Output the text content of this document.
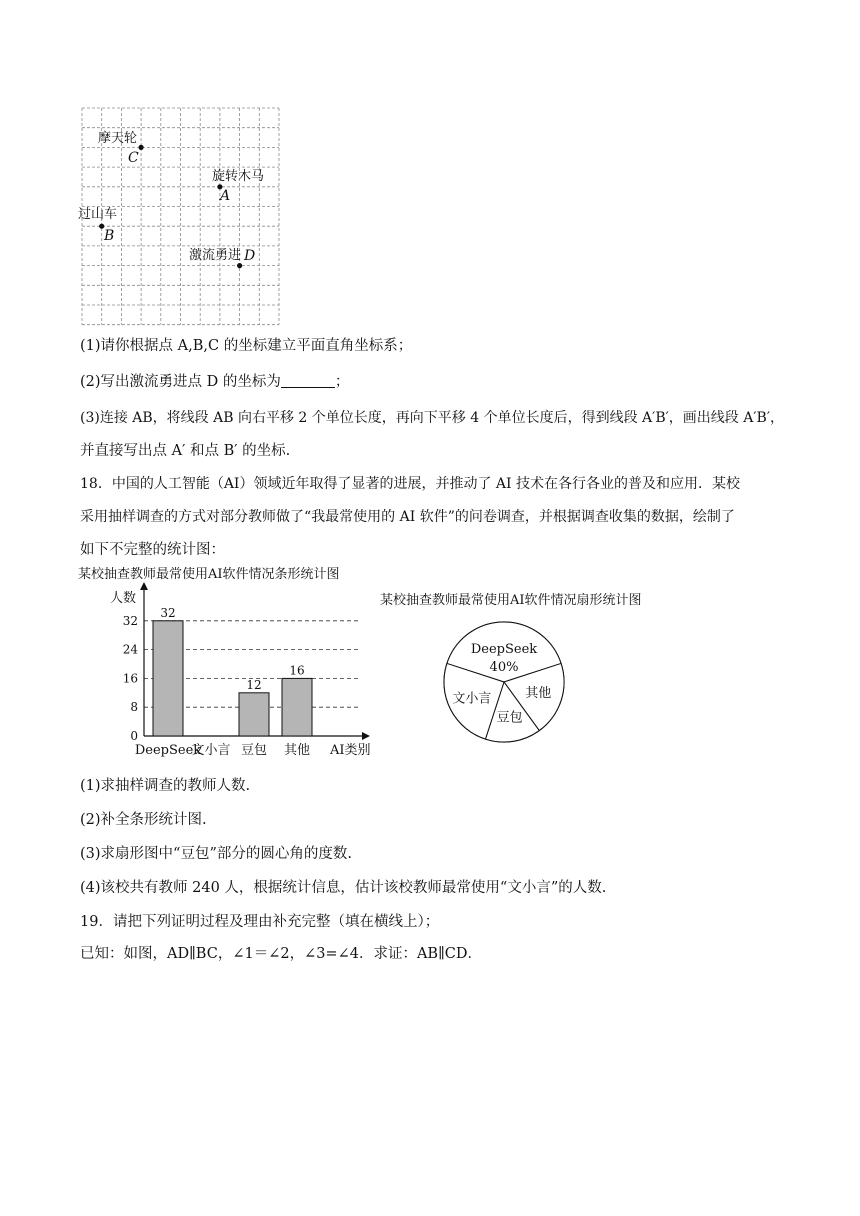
摩天轮
C
旋转木马
A
过山车
B
激流勇进 D
(1)请你根据点 A,B,C 的坐标建立平面直角坐标系；
(2)写出激流勇进点 D 的坐标为	；
(3)连接 AB，将线段 AB 向右平移 2 个单位长度，再向下平移 4 个单位长度后，得到线段 A′B′，画出线段 A′B′，
并直接写出点 A′ 和点 B′ 的坐标.
18．中国的人工智能（AI）领域近年取得了显著的进展，并推动了 AI 技术在各行各业的普及和应用．某校
采用抽样调查的方式对部分教师做了“我最常使用的 AI 软件”的问卷调查，并根据调查收集的数据，绘制了
如下不完整的统计图：
某校抽查教师最常使用AI软件情况条形统计图
人数
0
8
16
24
32
AI类别
32
DeepSeek
文小言
12
豆包
16
其他
某校抽查教师最常使用AI软件情况扇形统计图
DeepSeek
40%
其他
豆包
文小言
(1)求抽样调查的教师人数.
(2)补全条形统计图.
(3)求扇形图中“豆包”部分的圆心角的度数.
(4)该校共有教师 240 人，根据统计信息，估计该校教师最常使用“文小言”的人数.
19．请把下列证明过程及理由补充完整（填在横线上）；
已知：如图，AD∥BC，∠1＝∠2，∠3=∠4．求证：AB∥CD．
